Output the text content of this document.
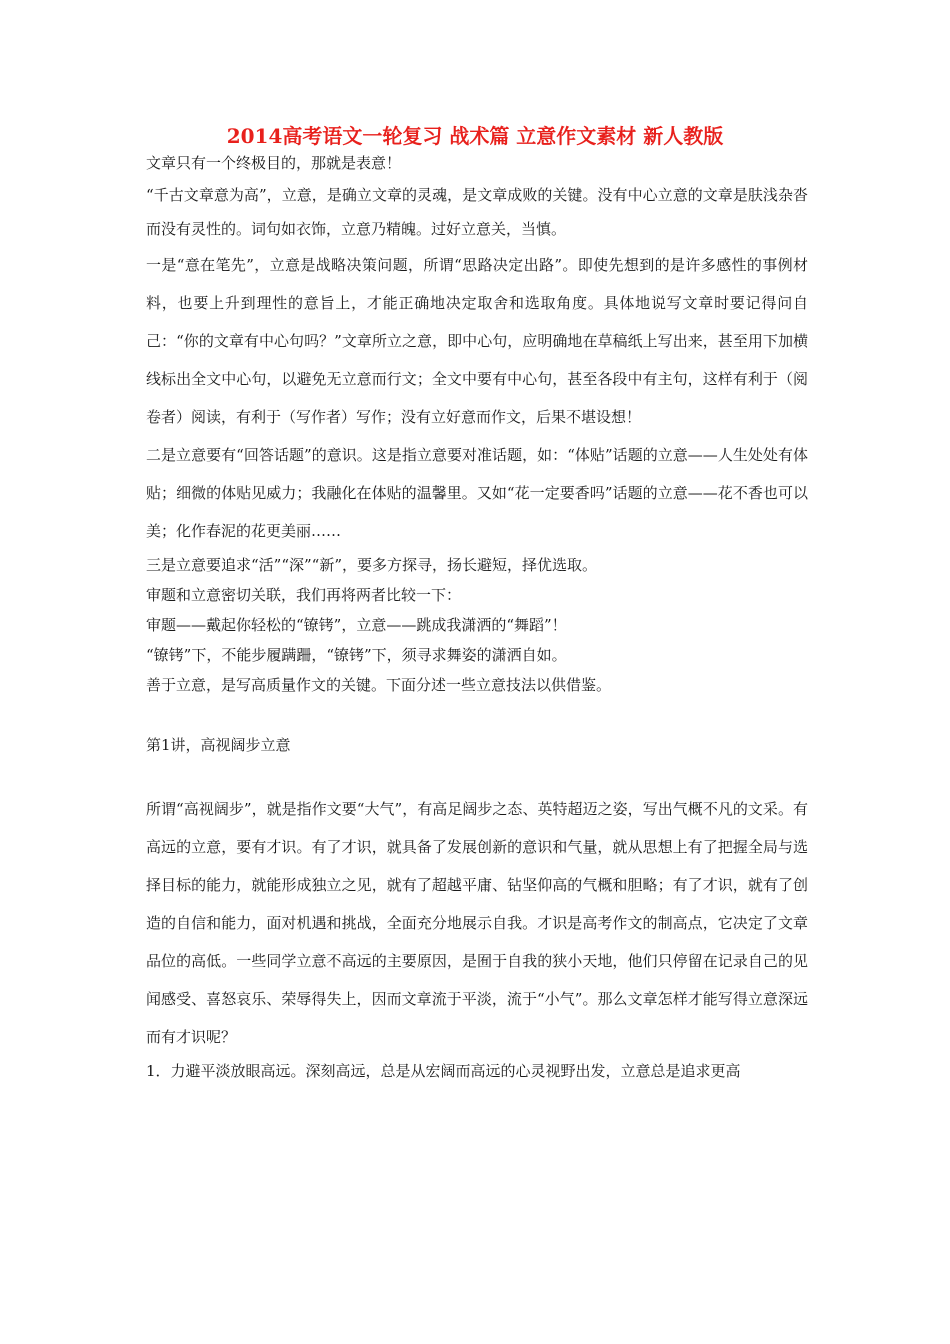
2014高考语文一轮复习 战术篇 立意作文素材 新人教版

文章只有一个终极目的，那就是表意！

“千古文章意为高”，立意，是确立文章的灵魂，是文章成败的关键。没有中心立意的文章是肤浅杂沓而没有灵性的。词句如衣饰，立意乃精魄。过好立意关，当慎。

一是“意在笔先”，立意是战略决策问题，所谓“思路决定出路”。即使先想到的是许多感性的事例材料，也要上升到理性的意旨上，才能正确地决定取舍和选取角度。具体地说写文章时要记得问自己：“你的文章有中心句吗？”文章所立之意，即中心句，应明确地在草稿纸上写出来，甚至用下加横线标出全文中心句，以避免无立意而行文；全文中要有中心句，甚至各段中有主句，这样有利于（阅卷者）阅读，有利于（写作者）写作；没有立好意而作文，后果不堪设想！

二是立意要有“回答话题”的意识。这是指立意要对准话题，如：“体贴”话题的立意——人生处处有体贴；细微的体贴见威力；我融化在体贴的温馨里。又如“花一定要香吗”话题的立意——花不香也可以美；化作春泥的花更美丽……

三是立意要追求“活”“深”“新”，要多方探寻，扬长避短，择优选取。

审题和立意密切关联，我们再将两者比较一下：

审题——戴起你轻松的“镣铐”，立意——跳成我潇洒的“舞蹈”！

“镣铐”下，不能步履蹒跚，“镣铐”下，须寻求舞姿的潇洒自如。

善于立意，是写高质量作文的关键。下面分述一些立意技法以供借鉴。

第1讲，高视阔步立意

所谓“高视阔步”，就是指作文要“大气”，有高足阔步之态、英特超迈之姿，写出气概不凡的文采。有高远的立意，要有才识。有了才识，就具备了发展创新的意识和气量，就从思想上有了把握全局与选择目标的能力，就能形成独立之见，就有了超越平庸、钻坚仰高的气概和胆略；有了才识，就有了创造的自信和能力，面对机遇和挑战，全面充分地展示自我。才识是高考作文的制高点，它决定了文章品位的高低。一些同学立意不高远的主要原因，是囿于自我的狭小天地，他们只停留在记录自己的见闻感受、喜怒哀乐、荣辱得失上，因而文章流于平淡，流于“小气”。那么文章怎样才能写得立意深远而有才识呢？

1．力避平淡放眼高远。深刻高远，总是从宏阔而高远的心灵视野出发，立意总是追求更高
